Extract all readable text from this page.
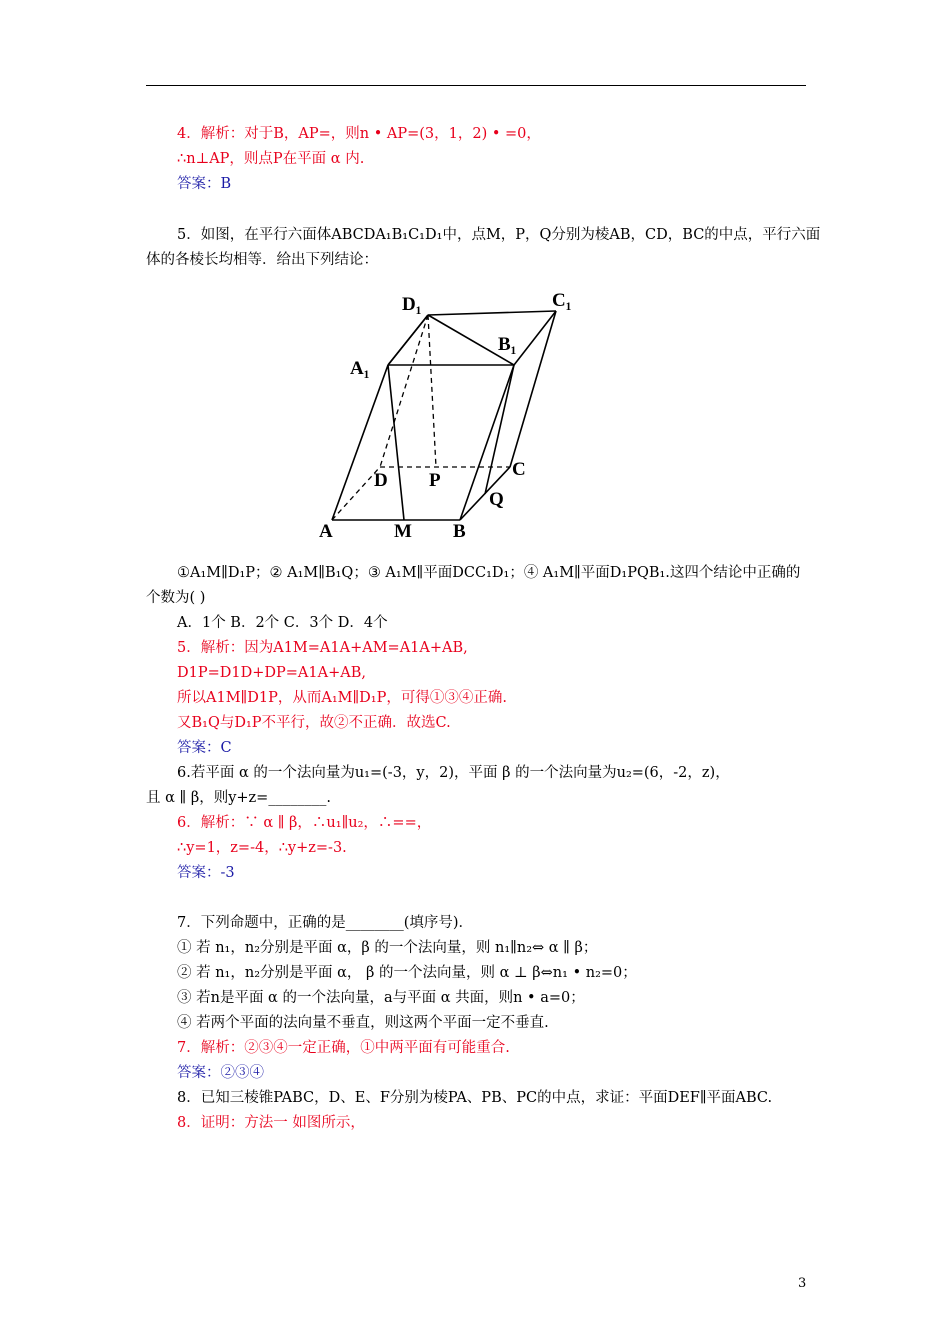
4．解析：对于B，AP=，则n • AP=(3，1，2) • =0，
∴n⊥AP，则点P在平面 α 内.
答案：B
5．如图，在平行六面体ABCDA₁B₁C₁D₁中，点M，P，Q分别为棱AB，CD，BC的中点，平行六面
体的各棱长均相等．给出下列结论：
D₁	C₁
B₁
A₁
D P
C
Q
A	M B
①A₁M∥D₁P；② A₁M∥B₁Q；③ A₁M∥平面DCC₁D₁；④ A₁M∥平面D₁PQB₁.这四个结论中正确的
个数为( )
A．1个 B．2个 C．3个 D．4个
5．解析：因为A1M=A1A+AM=A1A+AB,
D1P=D1D+DP=A1A+AB,
所以A1M∥D1P，从而A₁M∥D₁P，可得①③④正确.
又B₁Q与D₁P不平行，故②不正确．故选C.
答案：C
6.若平面 α 的一个法向量为u₁=(-3，y，2)，平面 β 的一个法向量为u₂=(6，-2，z)，
且 α ∥ β，则y+z=________.
6．解析：∵ α ∥ β，∴u₁∥u₂，∴==，
∴y=1，z=-4，∴y+z=-3.
答案：-3
7．下列命题中，正确的是________(填序号)．
① 若 n₁，n₂分别是平面 α，β 的一个法向量，则 n₁∥n₂⇔ α ∥ β；
② 若 n₁，n₂分别是平面 α， β 的一个法向量，则 α ⊥ β⇔n₁ • n₂=0；
③ 若n是平面 α 的一个法向量，a与平面 α 共面，则n • a=0；
④ 若两个平面的法向量不垂直，则这两个平面一定不垂直.
7．解析：②③④一定正确，①中两平面有可能重合.
答案：②③④
8．已知三棱锥PABC，D、E、F分别为棱PA、PB、PC的中点，求证：平面DEF∥平面ABC.
8．证明：方法一 如图所示，
3
